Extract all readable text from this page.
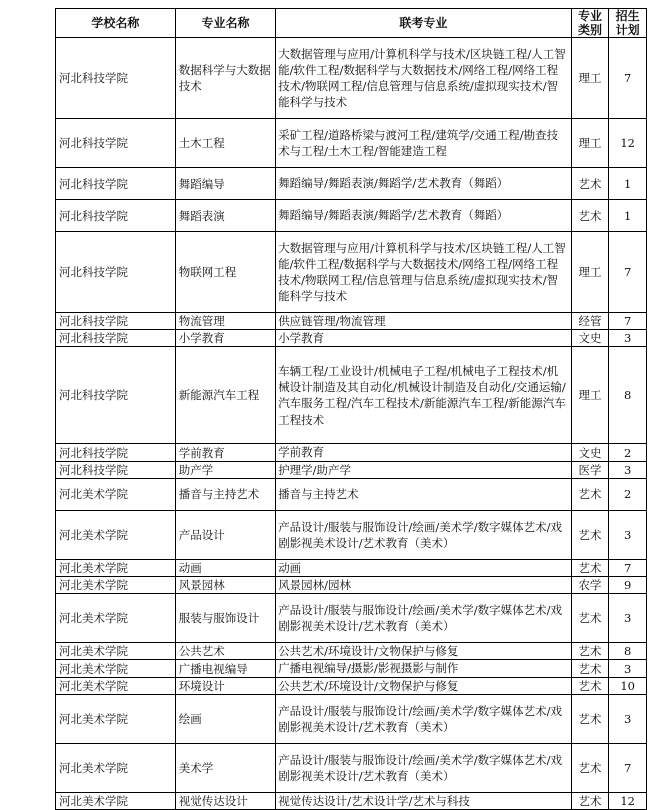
学校名称	专业名称	联考专业	专业类别	招生计划
河北科技学院	数据科学与大数据技术	大数据管理与应用/计算机科学与技术/区块链工程/人工智能/软件工程/数据科学与大数据技术/网络工程/网络工程技术/物联网工程/信息管理与信息系统/虚拟现实技术/智能科学与技术	理工	7
河北科技学院	土木工程	采矿工程/道路桥梁与渡河工程/建筑学/交通工程/勘查技术与工程/土木工程/智能建造工程	理工	12
河北科技学院	舞蹈编导	舞蹈编导/舞蹈表演/舞蹈学/艺术教育（舞蹈）	艺术	1
河北科技学院	舞蹈表演	舞蹈编导/舞蹈表演/舞蹈学/艺术教育（舞蹈）	艺术	1
河北科技学院	物联网工程	大数据管理与应用/计算机科学与技术/区块链工程/人工智能/软件工程/数据科学与大数据技术/网络工程/网络工程技术/物联网工程/信息管理与信息系统/虚拟现实技术/智能科学与技术	理工	7
河北科技学院	物流管理	供应链管理/物流管理	经管	7
河北科技学院	小学教育	小学教育	文史	3
河北科技学院	新能源汽车工程	车辆工程/工业设计/机械电子工程/机械电子工程技术/机械设计制造及其自动化/机械设计制造及自动化/交通运输/汽车服务工程/汽车工程技术/新能源汽车工程/新能源汽车工程技术	理工	8
河北科技学院	学前教育	学前教育	文史	2
河北科技学院	助产学	护理学/助产学	医学	3
河北美术学院	播音与主持艺术	播音与主持艺术	艺术	2
河北美术学院	产品设计	产品设计/服装与服饰设计/绘画/美术学/数字媒体艺术/戏剧影视美术设计/艺术教育（美术）	艺术	3
河北美术学院	动画	动画	艺术	7
河北美术学院	风景园林	风景园林/园林	农学	9
河北美术学院	服装与服饰设计	产品设计/服装与服饰设计/绘画/美术学/数字媒体艺术/戏剧影视美术设计/艺术教育（美术）	艺术	3
河北美术学院	公共艺术	公共艺术/环境设计/文物保护与修复	艺术	8
河北美术学院	广播电视编导	广播电视编导/摄影/影视摄影与制作	艺术	3
河北美术学院	环境设计	公共艺术/环境设计/文物保护与修复	艺术	10
河北美术学院	绘画	产品设计/服装与服饰设计/绘画/美术学/数字媒体艺术/戏剧影视美术设计/艺术教育（美术）	艺术	3
河北美术学院	美术学	产品设计/服装与服饰设计/绘画/美术学/数字媒体艺术/戏剧影视美术设计/艺术教育（美术）	艺术	7
河北美术学院	视觉传达设计	视觉传达设计/艺术设计学/艺术与科技	艺术	12
